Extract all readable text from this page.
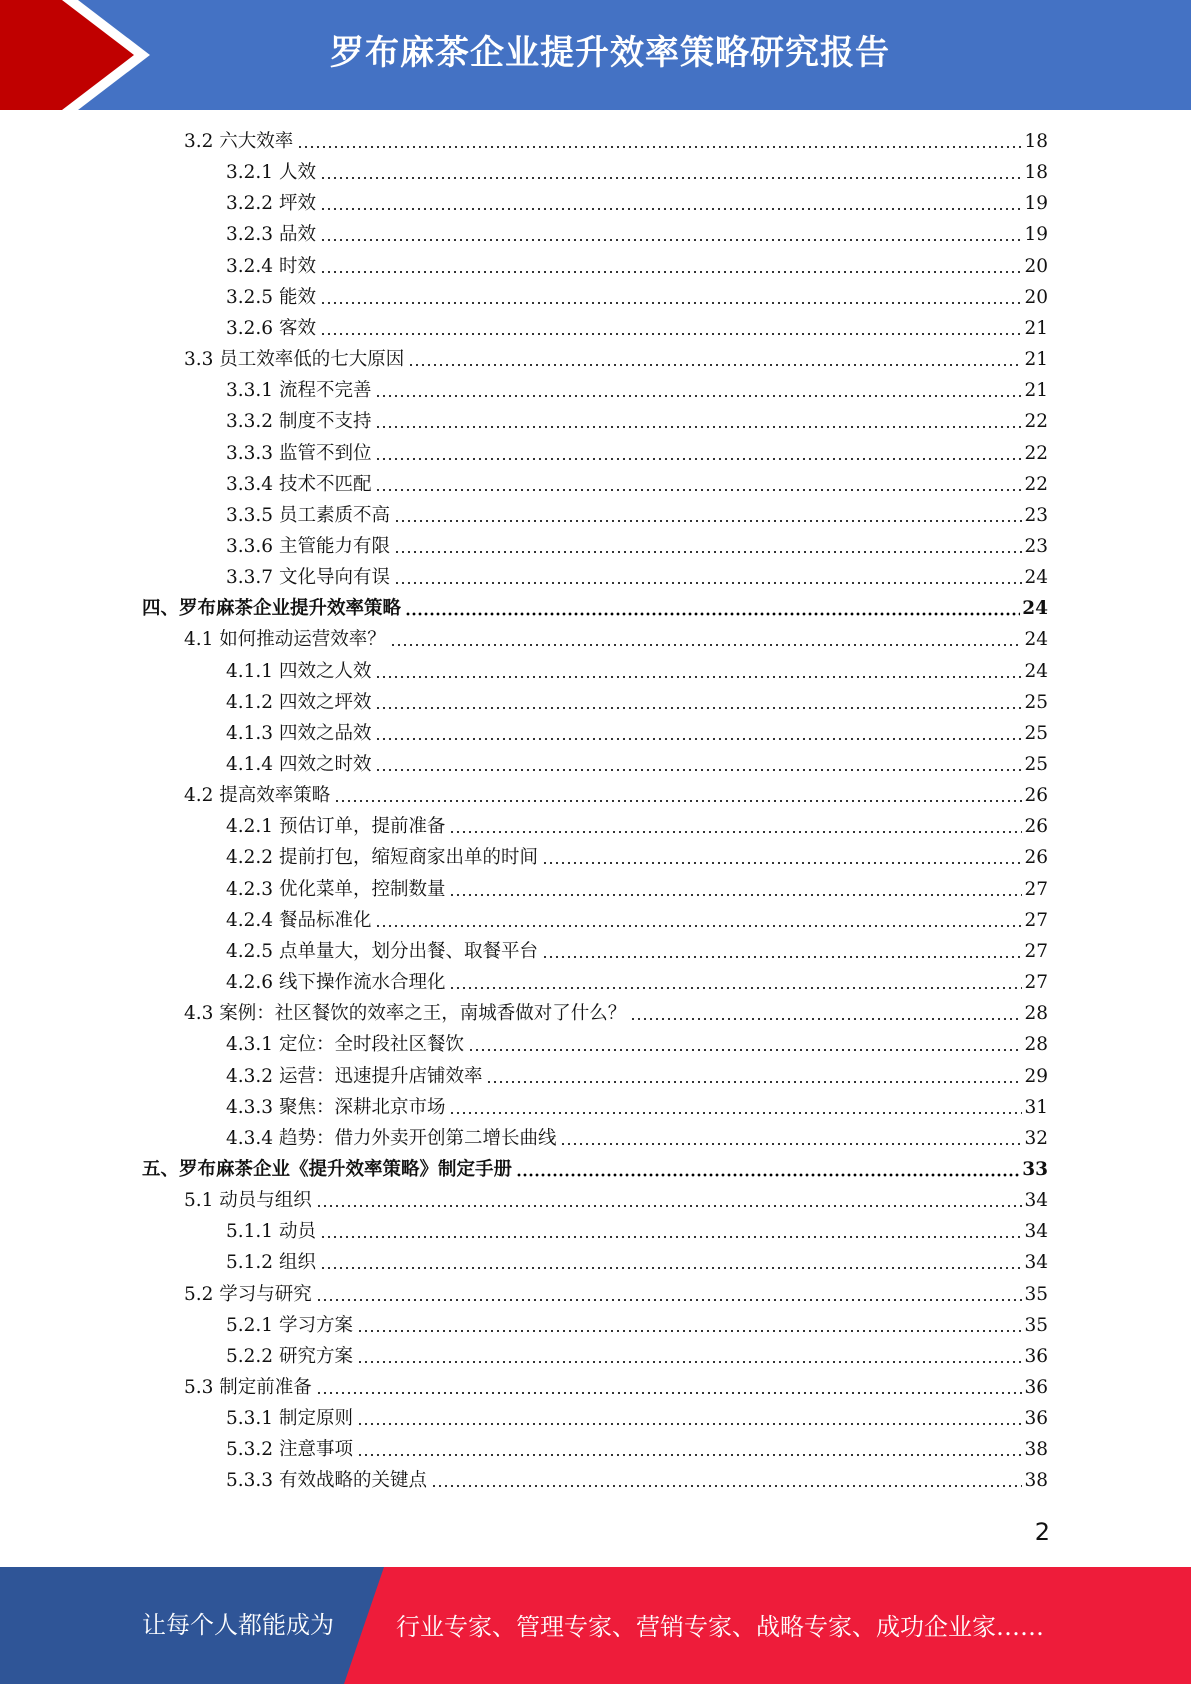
罗布麻茶企业提升效率策略研究报告
3.2 六大效率	18
3.2.1 人效	18
3.2.2 坪效	19
3.2.3 品效	19
3.2.4 时效	20
3.2.5 能效	20
3.2.6 客效	21
3.3 员工效率低的七大原因	21
3.3.1 流程不完善	21
3.3.2 制度不支持	22
3.3.3 监管不到位	22
3.3.4 技术不匹配	22
3.3.5 员工素质不高	23
3.3.6 主管能力有限	23
3.3.7 文化导向有误	24
四、罗布麻茶企业提升效率策略	24
4.1 如何推动运营效率？	24
4.1.1 四效之人效	24
4.1.2 四效之坪效	25
4.1.3 四效之品效	25
4.1.4 四效之时效	25
4.2 提高效率策略	26
4.2.1 预估订单，提前准备	26
4.2.2 提前打包，缩短商家出单的时间	26
4.2.3 优化菜单，控制数量	27
4.2.4 餐品标准化	27
4.2.5 点单量大，划分出餐、取餐平台	27
4.2.6 线下操作流水合理化	27
4.3 案例：社区餐饮的效率之王，南城香做对了什么？	28
4.3.1 定位：全时段社区餐饮	28
4.3.2 运营：迅速提升店铺效率	29
4.3.3 聚焦：深耕北京市场	31
4.3.4 趋势：借力外卖开创第二增长曲线	32
五、罗布麻茶企业《提升效率策略》制定手册	33
5.1 动员与组织	34
5.1.1 动员	34
5.1.2 组织	34
5.2 学习与研究	35
5.2.1 学习方案	35
5.2.2 研究方案	36
5.3 制定前准备	36
5.3.1 制定原则	36
5.3.2 注意事项	38
5.3.3 有效战略的关键点	38
2
让每个人都能成为	行业专家、管理专家、营销专家、战略专家、成功企业家……
